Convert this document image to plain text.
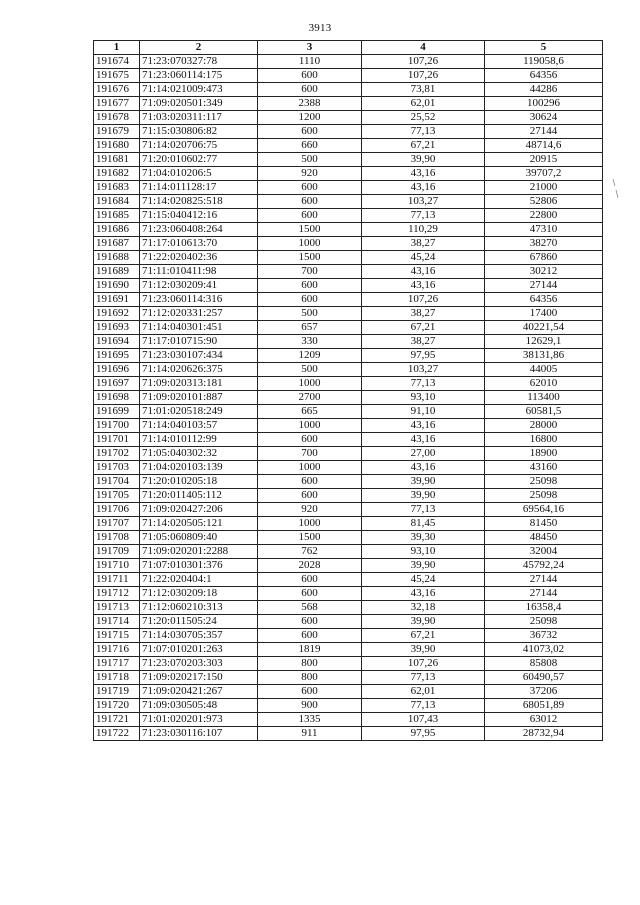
3913
1	2	3	4	5
191674	71:23:070327:78	1110	107,26	119058,6
191675	71:23:060114:175	600	107,26	64356
191676	71:14:021009:473	600	73,81	44286
191677	71:09:020501:349	2388	62,01	100296
191678	71:03:020311:117	1200	25,52	30624
191679	71:15:030806:82	600	77,13	27144
191680	71:14:020706:75	660	67,21	48714,6
191681	71:20:010602:77	500	39,90	20915
191682	71:04:010206:5	920	43,16	39707,2
191683	71:14:011128:17	600	43,16	21000
191684	71:14:020825:518	600	103,27	52806
191685	71:15:040412:16	600	77,13	22800
191686	71:23:060408:264	1500	110,29	47310
191687	71:17:010613:70	1000	38,27	38270
191688	71:22:020402:36	1500	45,24	67860
191689	71:11:010411:98	700	43,16	30212
191690	71:12:030209:41	600	43,16	27144
191691	71:23:060114:316	600	107,26	64356
191692	71:12:020331:257	500	38,27	17400
191693	71:14:040301:451	657	67,21	40221,54
191694	71:17:010715:90	330	38,27	12629,1
191695	71:23:030107:434	1209	97,95	38131,86
191696	71:14:020626:375	500	103,27	44005
191697	71:09:020313:181	1000	77,13	62010
191698	71:09:020101:887	2700	93,10	113400
191699	71:01:020518:249	665	91,10	60581,5
191700	71:14:040103:57	1000	43,16	28000
191701	71:14:010112:99	600	43,16	16800
191702	71:05:040302:32	700	27,00	18900
191703	71:04:020103:139	1000	43,16	43160
191704	71:20:010205:18	600	39,90	25098
191705	71:20:011405:112	600	39,90	25098
191706	71:09:020427:206	920	77,13	69564,16
191707	71:14:020505:121	1000	81,45	81450
191708	71:05:060809:40	1500	39,30	48450
191709	71:09:020201:2288	762	93,10	32004
191710	71:07:010301:376	2028	39,90	45792,24
191711	71:22:020404:1	600	45,24	27144
191712	71:12:030209:18	600	43,16	27144
191713	71:12:060210:313	568	32,18	16358,4
191714	71:20:011505:24	600	39,90	25098
191715	71:14:030705:357	600	67,21	36732
191716	71:07:010201:263	1819	39,90	41073,02
191717	71:23:070203:303	800	107,26	85808
191718	71:09:020217:150	800	77,13	60490,57
191719	71:09:020421:267	600	62,01	37206
191720	71:09:030505:48	900	77,13	68051,89
191721	71:01:020201:973	1335	107,43	63012
191722	71:23:030116:107	911	97,95	28732,94
